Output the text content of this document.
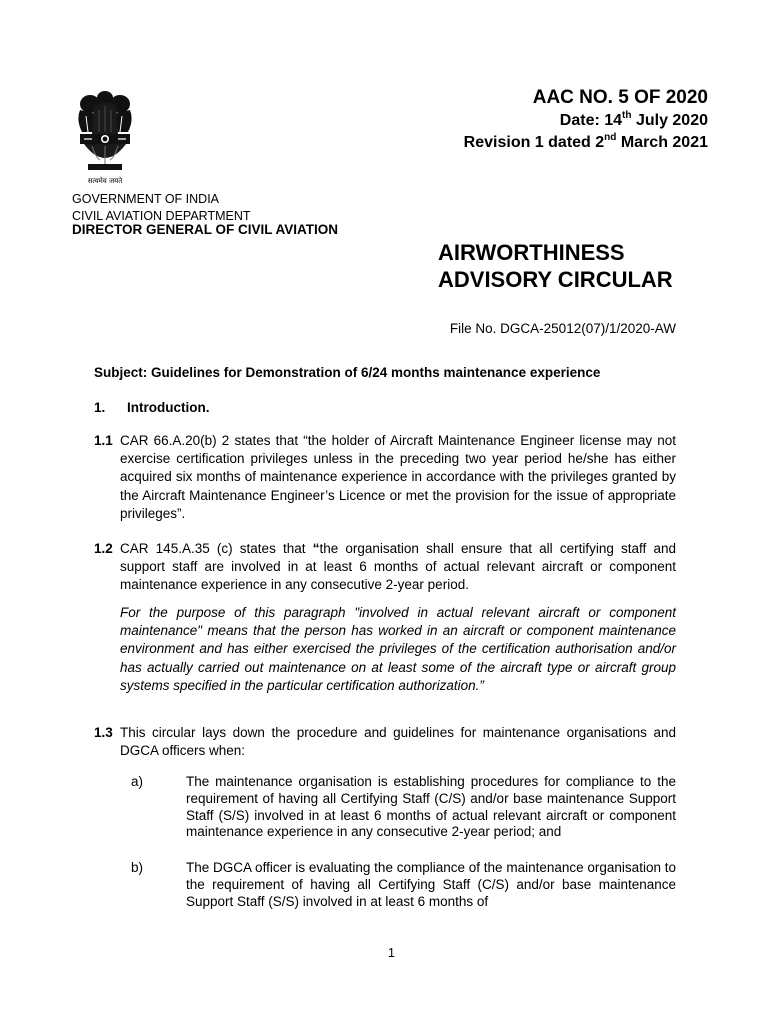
सत्यमेव जयते
AAC NO. 5 OF 2020
Date: 14th July 2020
Revision 1 dated 2nd March 2021
GOVERNMENT OF INDIA
CIVIL AVIATION DEPARTMENT
DIRECTOR GENERAL OF CIVIL AVIATION
AIRWORTHINESS
ADVISORY CIRCULAR
File No. DGCA-25012(07)/1/2020-AW
Subject: Guidelines for Demonstration of 6/24 months maintenance experience
1. Introduction.
1.1 CAR 66.A.20(b) 2 states that “the holder of Aircraft Maintenance Engineer license may not exercise certification privileges unless in the preceding two year period he/she has either acquired six months of maintenance experience in accordance with the privileges granted by the Aircraft Maintenance Engineer’s Licence or met the provision for the issue of appropriate privileges”.
1.2 CAR 145.A.35 (c) states that “the organisation shall ensure that all certifying staff and support staff are involved in at least 6 months of actual relevant aircraft or component maintenance experience in any consecutive 2-year period.
For the purpose of this paragraph "involved in actual relevant aircraft or component maintenance" means that the person has worked in an aircraft or component maintenance environment and has either exercised the privileges of the certification authorisation and/or has actually carried out maintenance on at least some of the aircraft type or aircraft group systems specified in the particular certification authorization.”
1.3 This circular lays down the procedure and guidelines for maintenance organisations and DGCA officers when:
a)	The maintenance organisation is establishing procedures for compliance to the requirement of having all Certifying Staff (C/S) and/or base maintenance Support Staff (S/S) involved in at least 6 months of actual relevant aircraft or component maintenance experience in any consecutive 2-year period; and
b)	The DGCA officer is evaluating the compliance of the maintenance organisation to the requirement of having all Certifying Staff (C/S) and/or base maintenance Support Staff (S/S) involved in at least 6 months of
1
